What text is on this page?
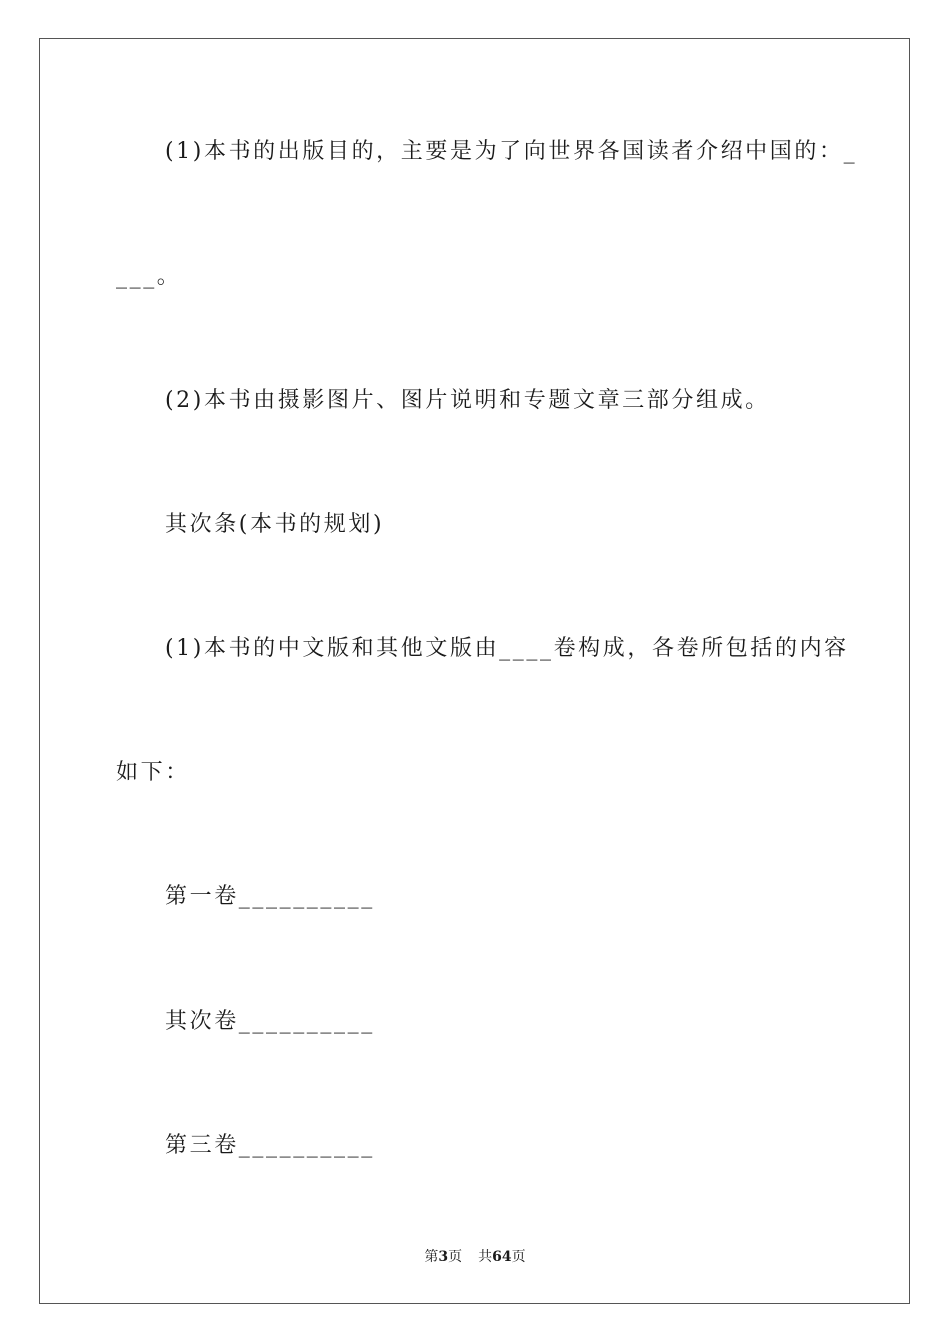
(1)本书的出版目的，主要是为了向世界各国读者介绍中国的：_
___。
(2)本书由摄影图片、图片说明和专题文章三部分组成。
其次条(本书的规划)
(1)本书的中文版和其他文版由____卷构成，各卷所包括的内容
如下：
第一卷__________
其次卷__________
第三卷__________
第3页 共64页
